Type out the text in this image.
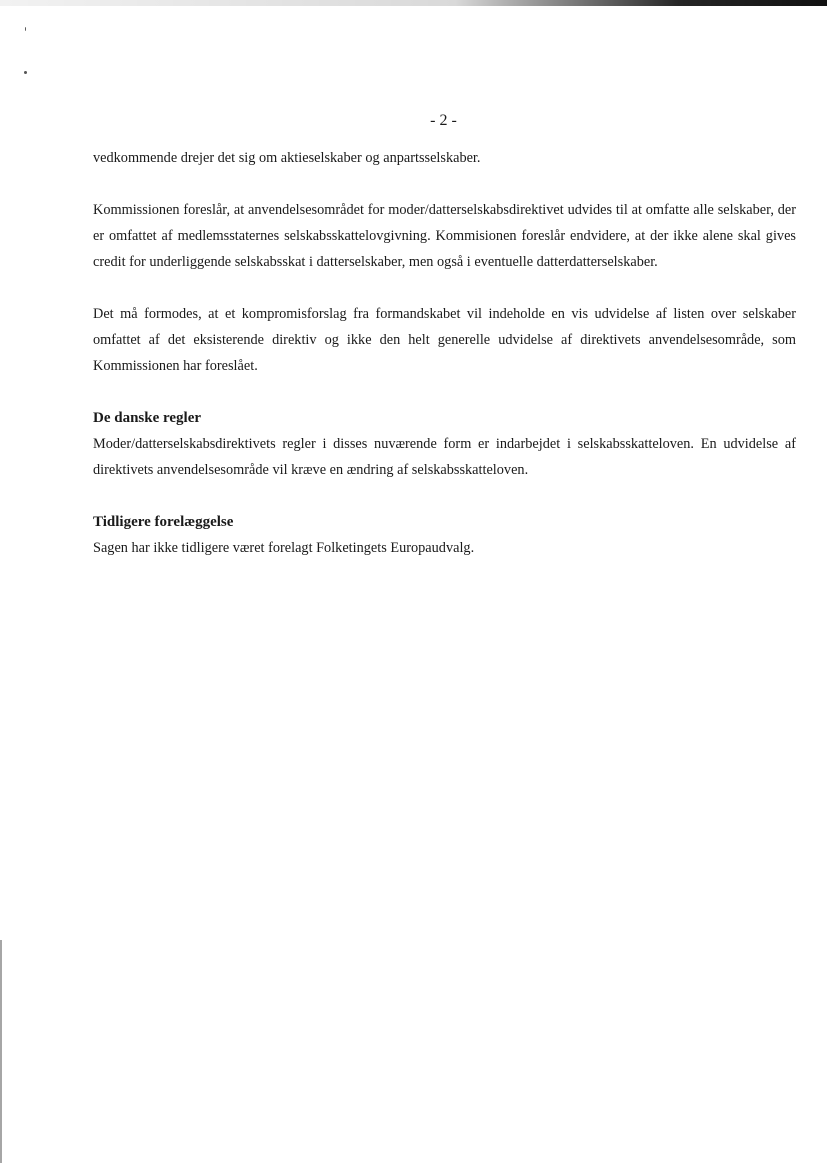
- 2 -

vedkommende drejer det sig om aktieselskaber og anpartsselskaber.

Kommissionen foreslår, at anvendelsesområdet for moder/datterselskabsdirektivet udvides til at omfatte alle selskaber, der er omfattet af medlemsstaternes selskabsskattelovgivning. Kommisionen foreslår endvidere, at der ikke alene skal gives credit for underliggende selskabsskat i datterselskaber, men også i eventuelle datterdatterselskaber.

Det må formodes, at et kompromisforslag fra formandskabet vil indeholde en vis udvidelse af listen over selskaber omfattet af det eksisterende direktiv og ikke den helt generelle udvidelse af direktivets anvendelsesområde, som Kommissionen har foreslået.

De danske regler

Moder/datterselskabsdirektivets regler i disses nuværende form er indarbejdet i selskabsskatteloven. En udvidelse af direktivets anvendelsesområde vil kræve en ændring af selskabsskatteloven.

Tidligere forelæggelse

Sagen har ikke tidligere været forelagt Folketingets Europaudvalg.
